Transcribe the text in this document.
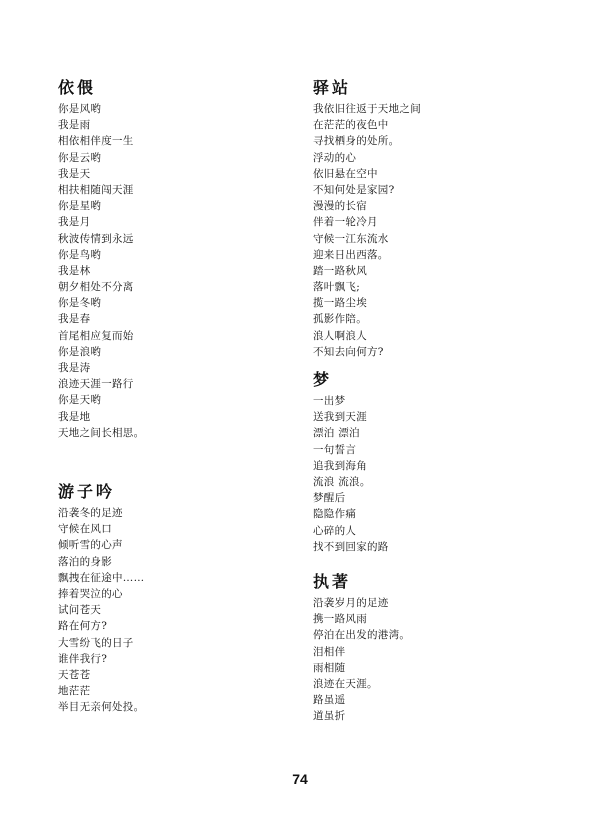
依偎
你是风哟
我是雨
相依相伴度一生
你是云哟
我是天
相扶相随闯天涯
你是星哟
我是月
秋波传情到永远
你是鸟哟
我是林
朝夕相处不分离
你是冬哟
我是春
首尾相应复而始
你是浪哟
我是涛
浪迹天涯一路行
你是天哟
我是地
天地之间长相思。
游子吟
沿袭冬的足迹
守候在风口
倾听雪的心声
落泊的身影
飘拽在征途中……
捧着哭泣的心
试问苍天
路在何方?
大雪纷飞的日子
谁伴我行?
天苍苍
地茫茫
举目无亲何处投。
驿站
我依旧往返于天地之间
在茫茫的夜色中
寻找栖身的处所。
浮动的心
依旧悬在空中
不知何处是家园?
漫漫的长宿
伴着一轮冷月
守候一江东流水
迎来日出西落。
踏一路秋风
落叶飘飞;
揽一路尘埃
孤影作陪。
浪人啊浪人
不知去向何方?
梦
一出梦
送我到天涯
漂泊 漂泊
一句誓言
追我到海角
流浪 流浪。
梦醒后
隐隐作痛
心碎的人
找不到回家的路
执著
沿袭岁月的足迹
携一路风雨
停泊在出发的港湾。
泪相伴
雨相随
浪迹在天涯。
路虽遥
道虽折
74
